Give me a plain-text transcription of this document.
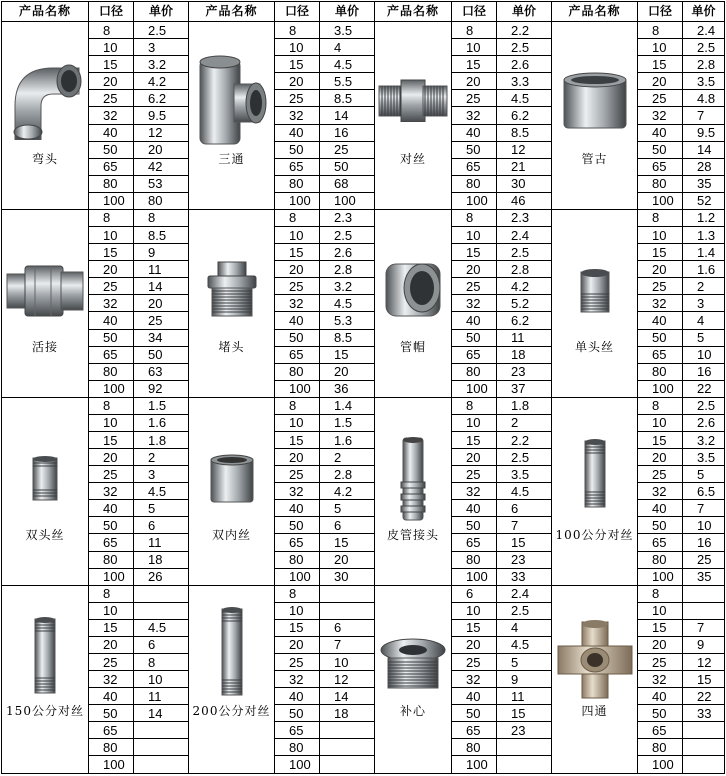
产品名称	口径	单价	产品名称	口径	单价	产品名称	口径	单价	产品名称	口径	单价

弯头	8	2.5	三通	8	3.5	对丝	8	2.2	管古	8	2.4
	10	3		10	4		10	2.5		10	2.5
	15	3.2		15	4.5		15	2.6		15	2.8
	20	4.2		20	5.5		20	3.3		20	3.5
	25	6.2		25	8.5		25	4.5		25	4.8
	32	9.5		32	14		32	6.2		32	7
	40	12		40	16		40	8.5		40	9.5
	50	20		50	25		50	12		50	14
	65	42		65	50		65	21		65	28
	80	53		80	68		80	30		80	35
	100	80		100	100		100	46		100	52

活接	8	8	堵头	8	2.3	管帽	8	2.3	单头丝	8	1.2
	10	8.5		10	2.5		10	2.4		10	1.3
	15	9		15	2.6		15	2.5		15	1.4
	20	11		20	2.8		20	2.8		20	1.6
	25	14		25	3.2		25	4.2		25	2
	32	20		32	4.5		32	5.2		32	3
	40	25		40	5.3		40	6.2		40	4
	50	34		50	8.5		50	11		50	5
	65	50		65	15		65	18		65	10
	80	63		80	20		80	23		80	16
	100	92		100	36		100	37		100	22

双头丝	8	1.5	双内丝	8	1.4	皮管接头	8	1.8	100公分对丝	8	2.5
	10	1.6		10	1.5		10	2		10	2.6
	15	1.8		15	1.6		15	2.2		15	3.2
	20	2		20	2		20	2.5		20	3.5
	25	3		25	2.8		25	3.5		25	5
	32	4.5		32	4.2		32	4.5		32	6.5
	40	5		40	5		40	6		40	7
	50	6		50	6		50	7		50	10
	65	11		65	15		65	15		65	16
	80	18		80	20		80	23		80	25
	100	26		100	30		100	33		100	35

150公分对丝	8		200公分对丝	8		补心	6	2.4	四通	8	
	10			10			10	2.5		10	
	15	4.5		15	6		15	4		15	7
	20	6		20	7		20	4.5		20	9
	25	8		25	10		25	5		25	12
	32	10		32	12		32	9		32	15
	40	11		40	14		40	11		40	22
	50	14		50	18		50	15		50	33
	65			65			65	23		65	
	80			80			80			80	
	100			100			100			100	
